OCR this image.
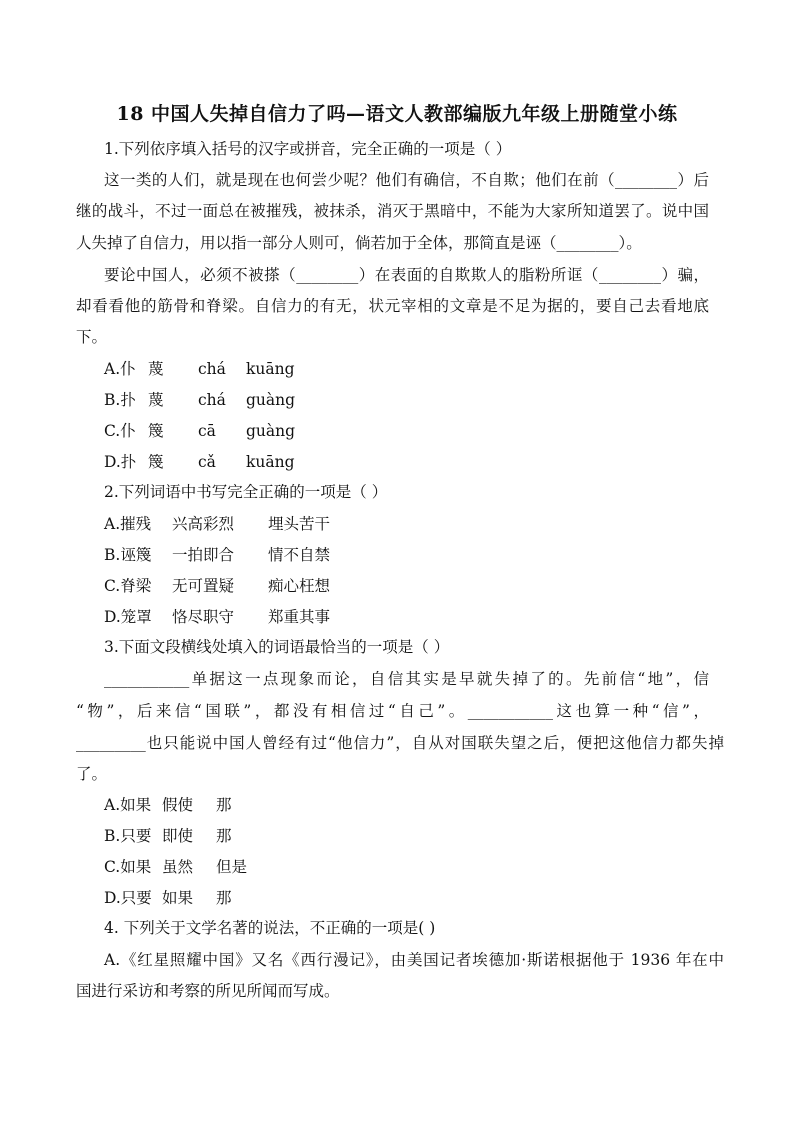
18 中国人失掉自信力了吗—语文人教部编版九年级上册随堂小练
1.下列依序填入括号的汉字或拼音，完全正确的一项是（ ）
这一类的人们，就是现在也何尝少呢？他们有确信，不自欺；他们在前（________）后
继的战斗，不过一面总在被摧残，被抹杀，消灭于黑暗中，不能为大家所知道罢了。说中国
人失掉了自信力，用以指一部分人则可，倘若加于全体，那简直是诬（________）。
要论中国人，必须不被搽（________）在表面的自欺欺人的脂粉所诓（________）骗，
却看看他的筋骨和脊梁。自信力的有无，状元宰相的文章是不足为据的，要自己去看地底
下。
A.仆 蔑 chá kuāng
B.扑 蔑 chá guàng
C.仆 篾 cā guàng
D.扑 篾 cǎ kuāng
2.下列词语中书写完全正确的一项是（ ）
A.摧残 兴高彩烈 埋头苦干
B.诬篾 一拍即合 情不自禁
C.脊梁 无可置疑 痴心枉想
D.笼罩 恪尽职守 郑重其事
3.下面文段横线处填入的词语最恰当的一项是（ ）
___________单据这一点现象而论，自信其实是早就失掉了的。先前信“地”，信
“物”，后来信“国联”，都没有相信过“自己”。___________这也算一种“信”，
_________也只能说中国人曾经有过“他信力”，自从对国联失望之后，便把这他信力都失掉
了。
A.如果 假使 那
B.只要 即使 那
C.如果 虽然 但是
D.只要 如果 那
4. 下列关于文学名著的说法，不正确的一项是( )
A.《红星照耀中国》又名《西行漫记》，由美国记者埃德加·斯诺根据他于 1936 年在中
国进行采访和考察的所见所闻而写成。
